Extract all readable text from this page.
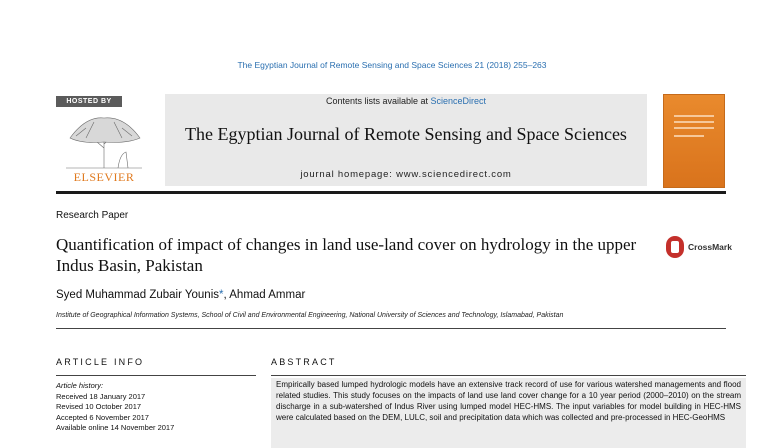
The Egyptian Journal of Remote Sensing and Space Sciences 21 (2018) 255–263
HOSTED BY
ELSEVIER
Contents lists available at ScienceDirect
The Egyptian Journal of Remote Sensing and Space Sciences
journal homepage: www.sciencedirect.com
Research Paper
Quantification of impact of changes in land use-land cover on hydrology in the upper Indus Basin, Pakistan
CrossMark
Syed Muhammad Zubair Younis*, Ahmad Ammar
Institute of Geographical Information Systems, School of Civil and Environmental Engineering, National University of Sciences and Technology, Islamabad, Pakistan
ARTICLE INFO
Article history:
Received 18 January 2017
Revised 10 October 2017
Accepted 6 November 2017
Available online 14 November 2017
ABSTRACT
Empirically based lumped hydrologic models have an extensive track record of use for various watershed managements and flood related studies. This study focuses on the impacts of land use land cover change for a 10 year period (2000–2010) on the stream discharge in a sub-watershed of Indus River using lumped model HEC-HMS. The input variables for model building in HEC-HMS were calculated based on the DEM, LULC, soil and precipitation data which was collected and pre-processed in HEC-GeoHMS
